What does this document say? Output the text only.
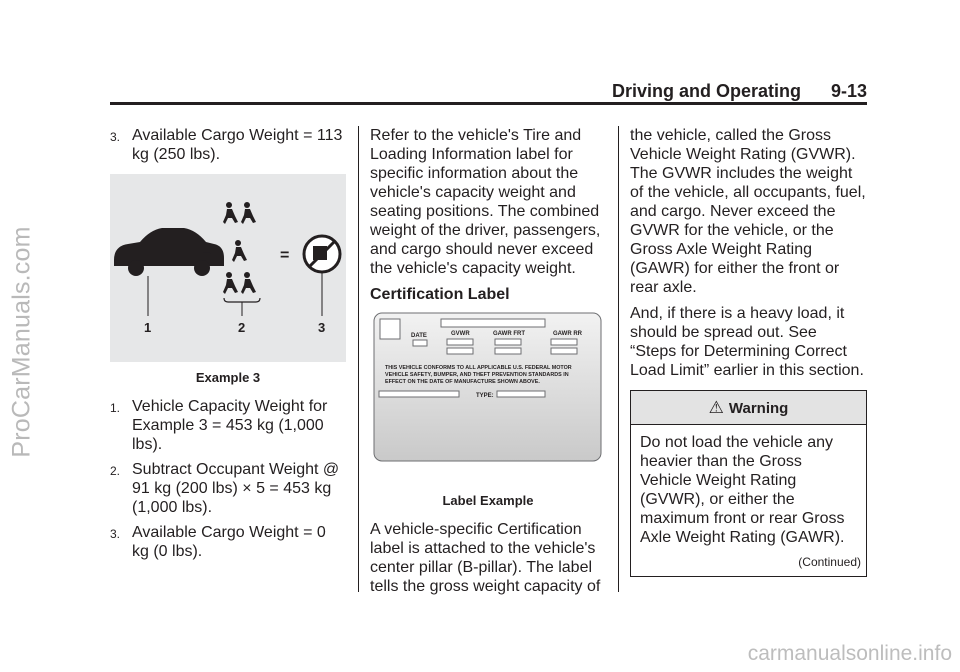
ProCarManuals.com
carmanualsonline.info
Driving and Operating 9-13
3. Available Cargo Weight = 113 kg (250 lbs).
–	=
1	2	3
Example 3
1. Vehicle Capacity Weight for Example 3 = 453 kg (1,000 lbs).
2. Subtract Occupant Weight @ 91 kg (200 lbs) × 5 = 453 kg (1,000 lbs).
3. Available Cargo Weight = 0 kg (0 lbs).

Refer to the vehicle's Tire and Loading Information label for specific information about the vehicle's capacity weight and seating positions. The combined weight of the driver, passengers, and cargo should never exceed the vehicle's capacity weight.

Certification Label
DATE	GVWR	GAWR FRT	GAWR RR
THIS VEHICLE CONFORMS TO ALL APPLICABLE U.S. FEDERAL MOTOR
VEHICLE SAFETY, BUMPER, AND THEFT PREVENTION STANDARDS IN
EFFECT ON THE DATE OF MANUFACTURE SHOWN ABOVE.
TYPE:
Label Example

A vehicle-specific Certification label is attached to the vehicle's center pillar (B-pillar). The label tells the gross weight capacity of

the vehicle, called the Gross Vehicle Weight Rating (GVWR). The GVWR includes the weight of the vehicle, all occupants, fuel, and cargo. Never exceed the GVWR for the vehicle, or the Gross Axle Weight Rating (GAWR) for either the front or rear axle.

And, if there is a heavy load, it should be spread out. See “Steps for Determining Correct Load Limit” earlier in this section.

⚠ Warning

Do not load the vehicle any heavier than the Gross Vehicle Weight Rating (GVWR), or either the maximum front or rear Gross Axle Weight Rating (GAWR).

(Continued)
